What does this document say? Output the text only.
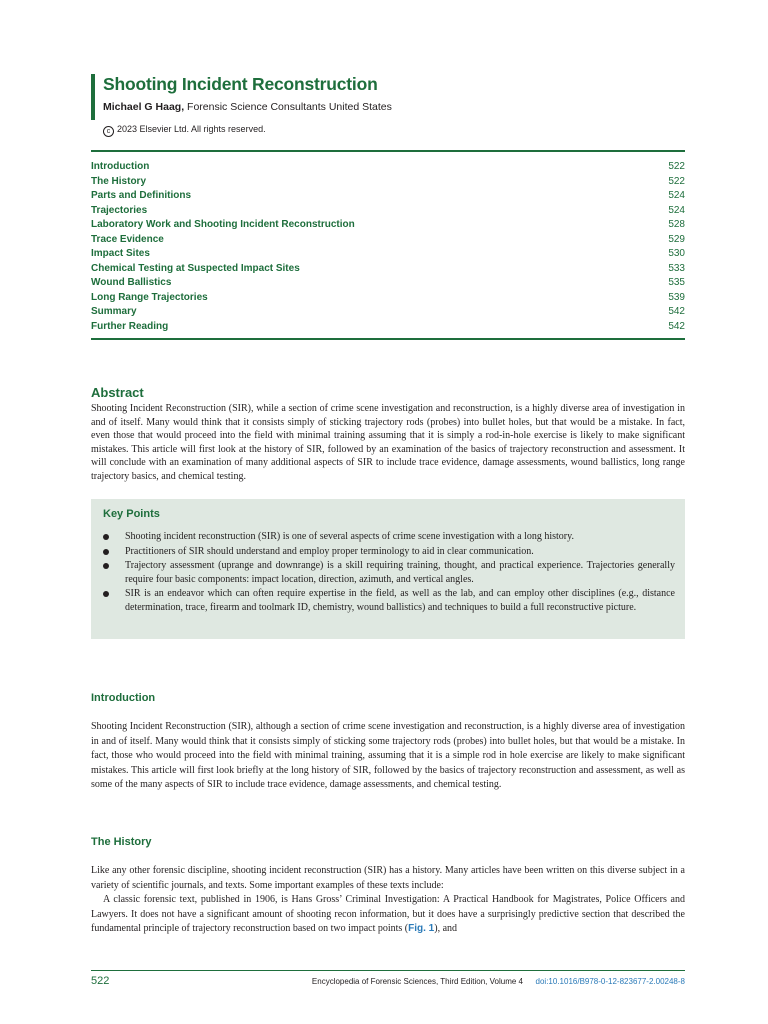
Shooting Incident Reconstruction
Michael G Haag, Forensic Science Consultants United States
c 2023 Elsevier Ltd. All rights reserved.
Introduction	522
The History	522
Parts and Definitions	524
Trajectories	524
Laboratory Work and Shooting Incident Reconstruction	528
Trace Evidence	529
Impact Sites	530
Chemical Testing at Suspected Impact Sites	533
Wound Ballistics	535
Long Range Trajectories	539
Summary	542
Further Reading	542
Abstract
Shooting Incident Reconstruction (SIR), while a section of crime scene investigation and reconstruction, is a highly diverse area of investigation in and of itself. Many would think that it consists simply of sticking trajectory rods (probes) into bullet holes, but that would be a mistake. In fact, even those that would proceed into the field with minimal training assuming that it is simply a rod-in-hole exercise is likely to make significant mistakes. This article will first look at the history of SIR, followed by an examination of the basics of trajectory reconstruction and assessment. It will conclude with an examination of many additional aspects of SIR to include trace evidence, damage assessments, wound ballistics, long range trajectory basics, and chemical testing.
Key Points
Shooting incident reconstruction (SIR) is one of several aspects of crime scene investigation with a long history.
Practitioners of SIR should understand and employ proper terminology to aid in clear communication.
Trajectory assessment (uprange and downrange) is a skill requiring training, thought, and practical experience. Trajectories generally require four basic components: impact location, direction, azimuth, and vertical angles.
SIR is an endeavor which can often require expertise in the field, as well as the lab, and can employ other disciplines (e.g., distance determination, trace, firearm and toolmark ID, chemistry, wound ballistics) and techniques to build a full reconstructive picture.
Introduction

Shooting Incident Reconstruction (SIR), although a section of crime scene investigation and reconstruction, is a highly diverse area of investigation in and of itself. Many would think that it consists simply of sticking some trajectory rods (probes) into bullet holes, but that would be a mistake. In fact, those who would proceed into the field with minimal training, assuming that it is a simple rod in hole exercise are likely to make significant mistakes. This article will first look briefly at the long history of SIR, followed by the basics of trajectory reconstruction and assessment, as well as some of the many aspects of SIR to include trace evidence, damage assessments, and chemical testing.

The History

Like any other forensic discipline, shooting incident reconstruction (SIR) has a history. Many articles have been written on this diverse subject in a variety of scientific journals, and texts. Some important examples of these texts include:

A classic forensic text, published in 1906, is Hans Gross’ Criminal Investigation: A Practical Handbook for Magistrates, Police Officers and Lawyers. It does not have a significant amount of shooting recon information, but it does have a surprisingly predictive section that described the fundamental principle of trajectory reconstruction based on two impact points (Fig. 1), and

522	Encyclopedia of Forensic Sciences, Third Edition, Volume 4 doi:10.1016/B978-0-12-823677-2.00248-8
